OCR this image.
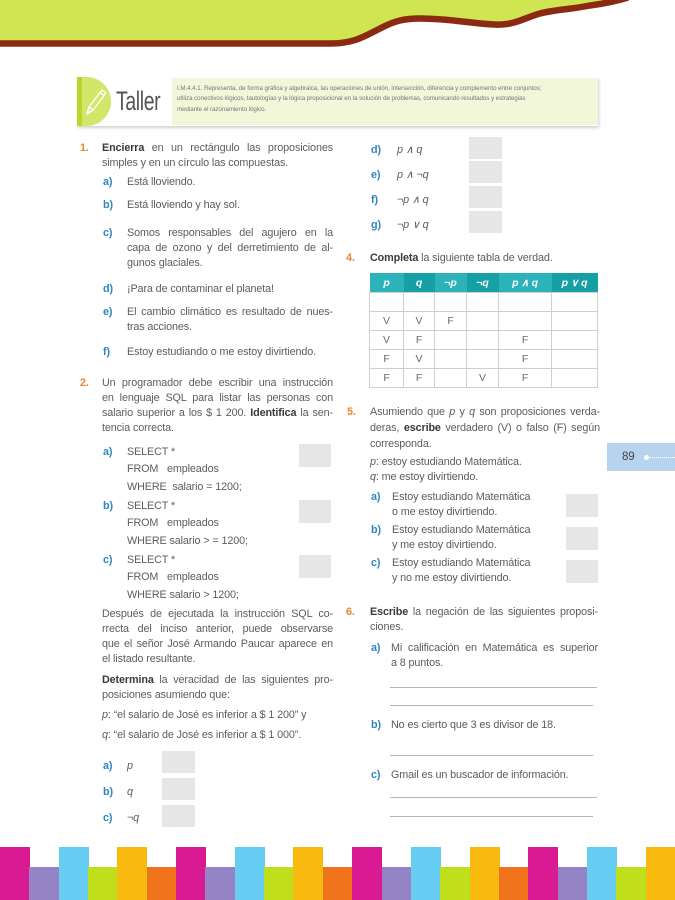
Taller	I.M.4.4.1. Representa, de forma gráfica y algebraica, las operaciones de unión, intersección, diferencia y complemento entre conjuntos;
utiliza conectivos lógicos, tautologías y la lógica proposicional en la solución de problemas, comunicando resultados y estrategias
mediante el razonamiento lógico.
1. Encierra en un rectángulo las proposiciones
simples y en un círculo las compuestas.
a) Está lloviendo.
b) Está lloviendo y hay sol.
c) Somos responsables del agujero en la
capa de ozono y del derretimiento de al-
gunos glaciales.
d) ¡Para de contaminar el planeta!
e) El cambio climático es resultado de nues-
tras acciones.
f) Estoy estudiando o me estoy divirtiendo.
2. Un programador debe escribir una instrucción
en lenguaje SQL para listar las personas con
salario superior a los $ 1 200. Identifica la sen-
tencia correcta.
a) SELECT *
FROM empleados
WHERE  salario = 1200;
b) SELECT *
FROM empleados
WHERE salario > = 1200;
c) SELECT *
FROM empleados
WHERE salario > 1200;
Después de ejecutada la instrucción SQL co-
rrecta del inciso anterior, puede observarse
que el señor José Armando Paucar aparece en
el listado resultante.
Determina la veracidad de las siguientes pro-
posiciones asumiendo que:
p: “el salario de José es inferior a $ 1 200” y
q: “el salario de José es inferior a $ 1 000”.
a) p
b) q
c) ¬q
d) p ∧ q
e) p ∧ ¬q
f) ¬p ∧ q
g) ¬p ∨ q
4. Completa la siguiente tabla de verdad.
p	q	¬p	¬q	p ∧ q	p ∨ q

V	V	F			
V	F			F	
F	V			F	
F	F		V	F	
5. Asumiendo que p y q son proposiciones verda-
deras, escribe verdadero (V) o falso (F) según
corresponda.
p: estoy estudiando Matemática.
q: me estoy divirtiendo.
a) Estoy estudiando Matemática
o me estoy divirtiendo.
b) Estoy estudiando Matemática
y me estoy divirtiendo.
c) Estoy estudiando Matemática
y no me estoy divirtiendo.
6. Escribe la negación de las siguientes proposi-
ciones.
a) Mi calificación en Matemática es superior
a 8 puntos.
b) No es cierto que 3 es divisor de 18.
c) Gmail es un buscador de información.
89
